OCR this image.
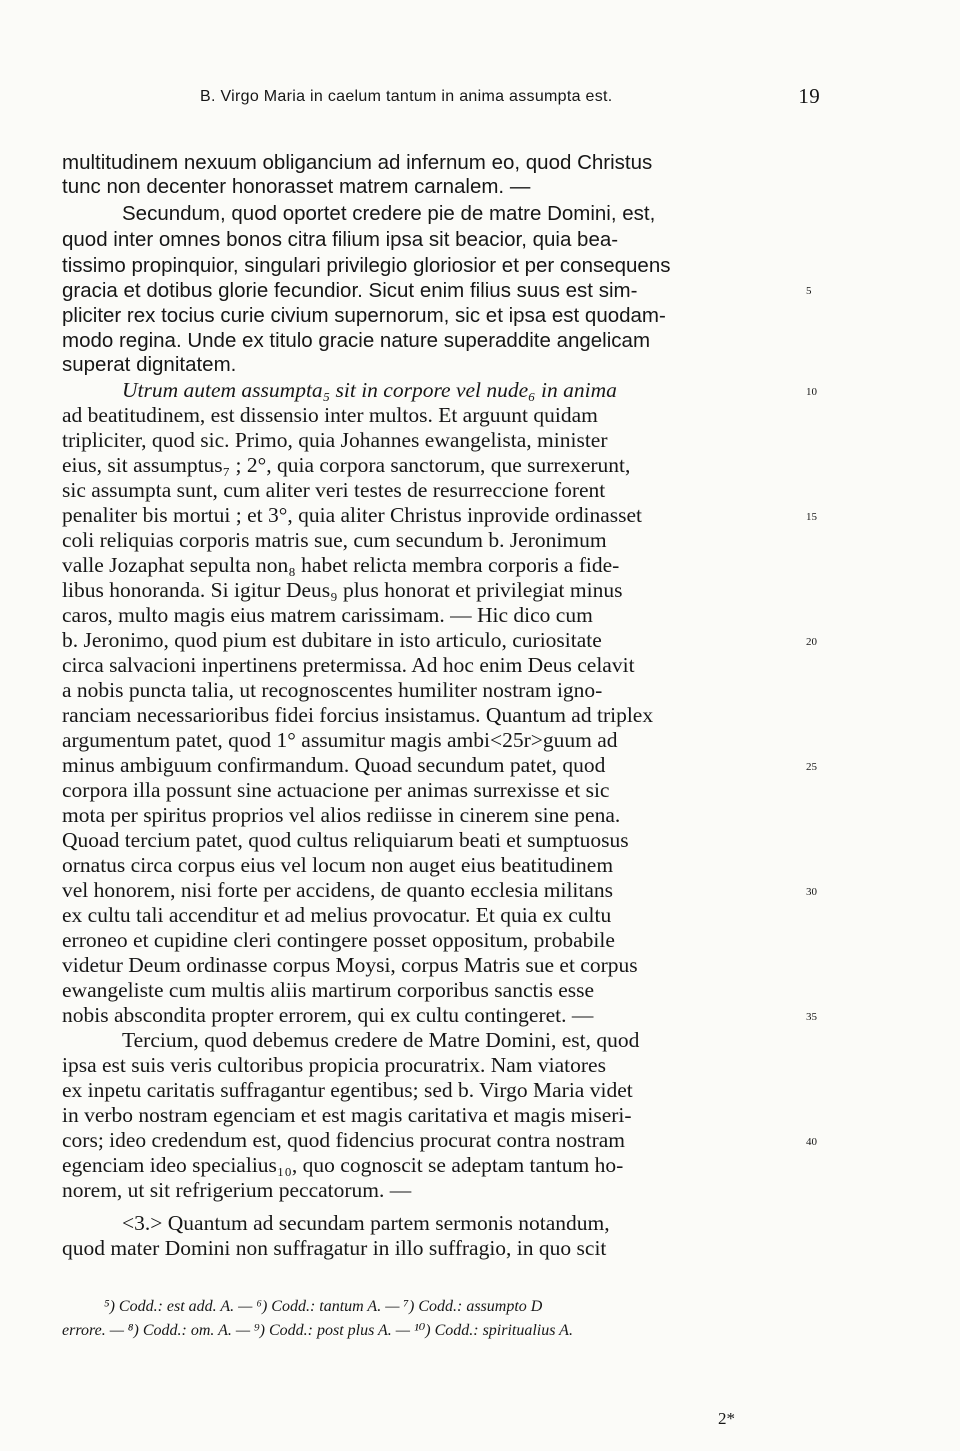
B. Virgo Maria in caelum tantum in anima assumpta est.	19
multitudinem nexuum obligancium ad infernum eo, quod Christus
tunc non decenter honorasset matrem carnalem. —
Secundum, quod oportet credere pie de matre Domini, est,
quod inter omnes bonos citra filium ipsa sit beacior, quia bea-
tissimo propinquior, singulari privilegio gloriosior et per consequens
gracia et dotibus glorie fecundior. Sicut enim filius suus est sim-
pliciter rex tocius curie civium supernorum, sic et ipsa est quodam-
modo regina. Unde ex titulo gracie nature superaddite angelicam
superat dignitatem.
Utrum autem assumpta₅ sit in corpore vel nude₆ in anima
ad beatitudinem, est dissensio inter multos. Et arguunt quidam
tripliciter, quod sic. Primo, quia Johannes ewangelista, minister
eius, sit assumptus₇ ; 2°, quia corpora sanctorum, que surrexerunt,
sic assumpta sunt, cum aliter veri testes de resurreccione forent
penaliter bis mortui ; et 3°, quia aliter Christus inprovide ordinasset
coli reliquias corporis matris sue, cum secundum b. Jeronimum
valle Jozaphat sepulta non₈ habet relicta membra corporis a fide-
libus honoranda. Si igitur Deus₉ plus honorat et privilegiat minus
caros, multo magis eius matrem carissimam. — Hic dico cum
b. Jeronimo, quod pium est dubitare in isto articulo, curiositate
circa salvacioni inpertinens pretermissa. Ad hoc enim Deus celavit
a nobis puncta talia, ut recognoscentes humiliter nostram igno-
ranciam necessarioribus fidei forcius insistamus. Quantum ad triplex
argumentum patet, quod 1° assumitur magis ambi<25r>guum ad
minus ambiguum confirmandum. Quoad secundum patet, quod
corpora illa possunt sine actuacione per animas surrexisse et sic
mota per spiritus proprios vel alios rediisse in cinerem sine pena.
Quoad tercium patet, quod cultus reliquiarum beati et sumptuosus
ornatus circa corpus eius vel locum non auget eius beatitudinem
vel honorem, nisi forte per accidens, de quanto ecclesia militans
ex cultu tali accenditur et ad melius provocatur. Et quia ex cultu
erroneo et cupidine cleri contingere posset oppositum, probabile
videtur Deum ordinasse corpus Moysi, corpus Matris sue et corpus
ewangeliste cum multis aliis martirum corporibus sanctis esse
nobis abscondita propter errorem, qui ex cultu contingeret. —
Tercium, quod debemus credere de Matre Domini, est, quod
ipsa est suis veris cultoribus propicia procuratrix. Nam viatores
ex inpetu caritatis suffragantur egentibus; sed b. Virgo Maria videt
in verbo nostram egenciam et est magis caritativa et magis miseri-
cors; ideo credendum est, quod fidencius procurat contra nostram
egenciam ideo specialius₁₀, quo cognoscit se adeptam tantum ho-
norem, ut sit refrigerium peccatorum. —
<3.> Quantum ad secundam partem sermonis notandum,
quod mater Domini non suffragatur in illo suffragio, in quo scit
5
10
15
20
25
30
35
40
⁵) Codd.: est add. A. — ⁶) Codd.: tantum A. — ⁷) Codd.: assumpto D
errore. — ⁸) Codd.: om. A. — ⁹) Codd.: post plus A. — ¹⁰) Codd.: spiritualius A.
2*
